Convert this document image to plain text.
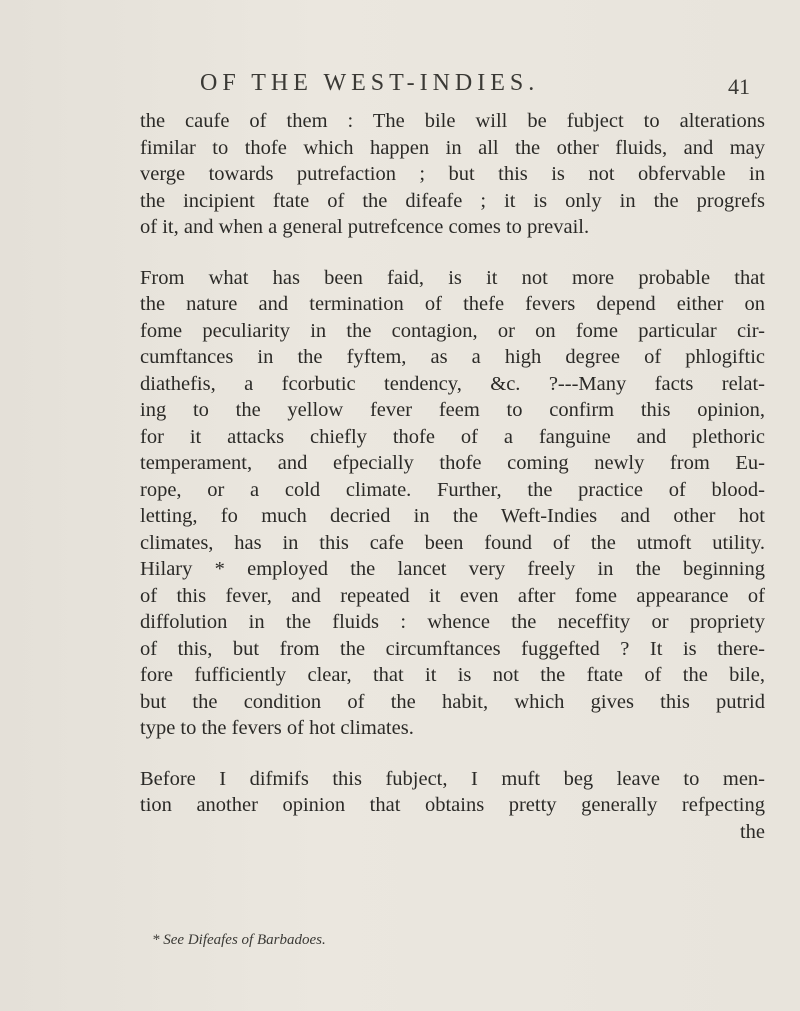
OF THE WEST-INDIES.	41
the caufe of them : The bile will be fubject to alterations
fimilar to thofe which happen in all the other fluids, and may
verge towards putrefaction ; but this is not obfervable in
the incipient ftate of the difeafe ; it is only in the progrefs
of it, and when a general putrefcence comes to prevail.
From what has been faid, is it not more probable that
the nature and termination of thefe fevers depend either on
fome peculiarity in the contagion, or on fome particular cir-
cumftances in the fyftem, as a high degree of phlogiftic
diathefis, a fcorbutic tendency, &c. ?---Many facts relat-
ing to the yellow fever feem to confirm this opinion,
for it attacks chiefly thofe of a fanguine and plethoric
temperament, and efpecially thofe coming newly from Eu-
rope, or a cold climate. Further, the practice of blood-
letting, fo much decried in the Weft-Indies and other hot
climates, has in this cafe been found of the utmoft utility.
Hilary * employed the lancet very freely in the beginning
of this fever, and repeated it even after fome appearance of
diffolution in the fluids : whence the neceffity or propriety
of this, but from the circumftances fuggefted ? It is there-
fore fufficiently clear, that it is not the ftate of the bile,
but the condition of the habit, which gives this putrid
type to the fevers of hot climates.
Before I difmifs this fubject, I muft beg leave to men-
tion another opinion that obtains pretty generally refpecting
the
* See Difeafes of Barbadoes.
